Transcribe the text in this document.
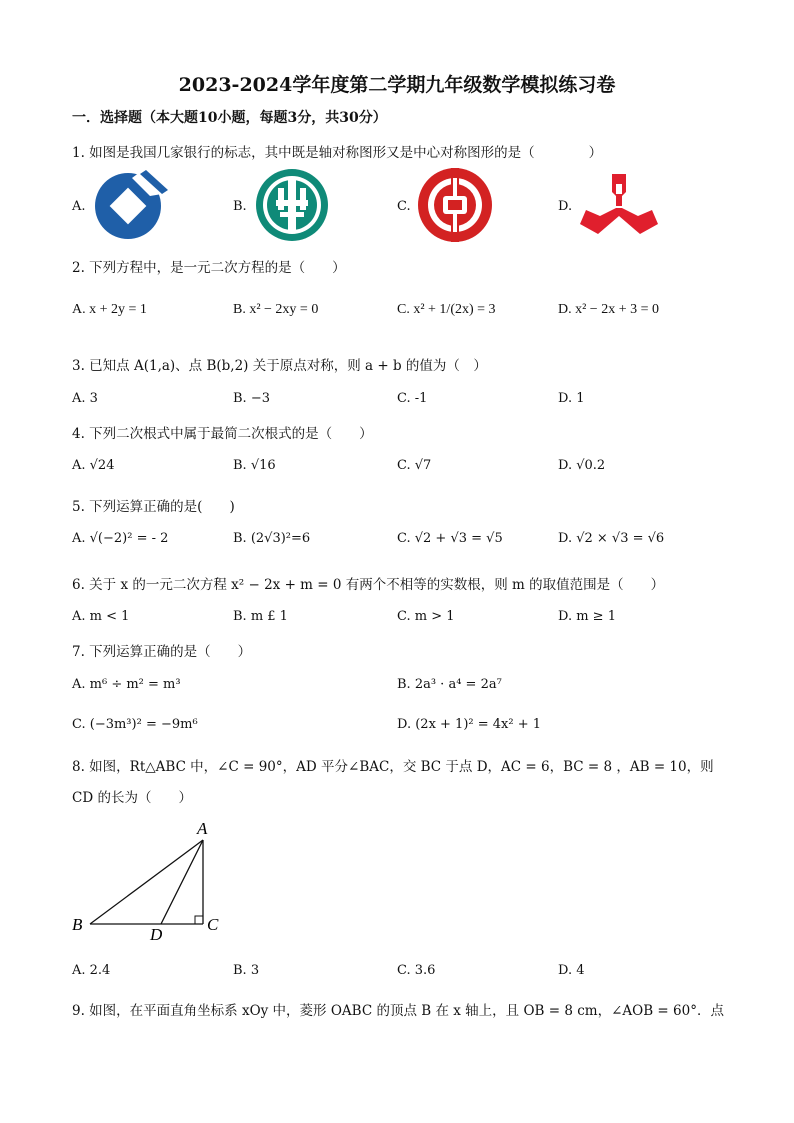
2023-2024学年度第二学期九年级数学模拟练习卷
一．选择题（本大题10小题，每题3分，共30分）
1. 如图是我国几家银行的标志，其中既是轴对称图形又是中心对称图形的是（　　　　）
A.	B.	C.	D.
2. 下列方程中，是一元二次方程的是（　　）
A. x + 2y = 1	B. x² − 2xy = 0	C. x² + 1/(2x) = 3	D. x² − 2x + 3 = 0
3. 已知点 A(1,a)、点 B(b,2) 关于原点对称，则 a + b 的值为（　）
A. 3	B. −3	C. -1	D. 1
4. 下列二次根式中属于最简二次根式的是（　　）
A. √24	B. √16	C. √7	D. √0.2
5. 下列运算正确的是(　　)
A. √(−2)² = - 2	B. (2√3)²=6	C. √2 + √3 = √5	D. √2 × √3 = √6
6. 关于 x 的一元二次方程 x² − 2x + m = 0 有两个不相等的实数根，则 m 的取值范围是（　　）
A. m < 1	B. m £ 1	C. m > 1	D. m ≥ 1
7. 下列运算正确的是（　　）
A. m⁶ ÷ m² = m³	B. 2a³ · a⁴ = 2a⁷
C. (−3m³)² = −9m⁶	D. (2x + 1)² = 4x² + 1
8. 如图，Rt△ABC 中，∠C = 90°，AD 平分∠BAC，交 BC 于点 D，AC = 6，BC = 8 ，AB = 10，则
CD 的长为（　　）
A
B	C
D
A. 2.4	B. 3	C. 3.6	D. 4
9. 如图，在平面直角坐标系 xOy 中，菱形 OABC 的顶点 B 在 x 轴上，且 OB = 8 cm，∠AOB = 60°．点
